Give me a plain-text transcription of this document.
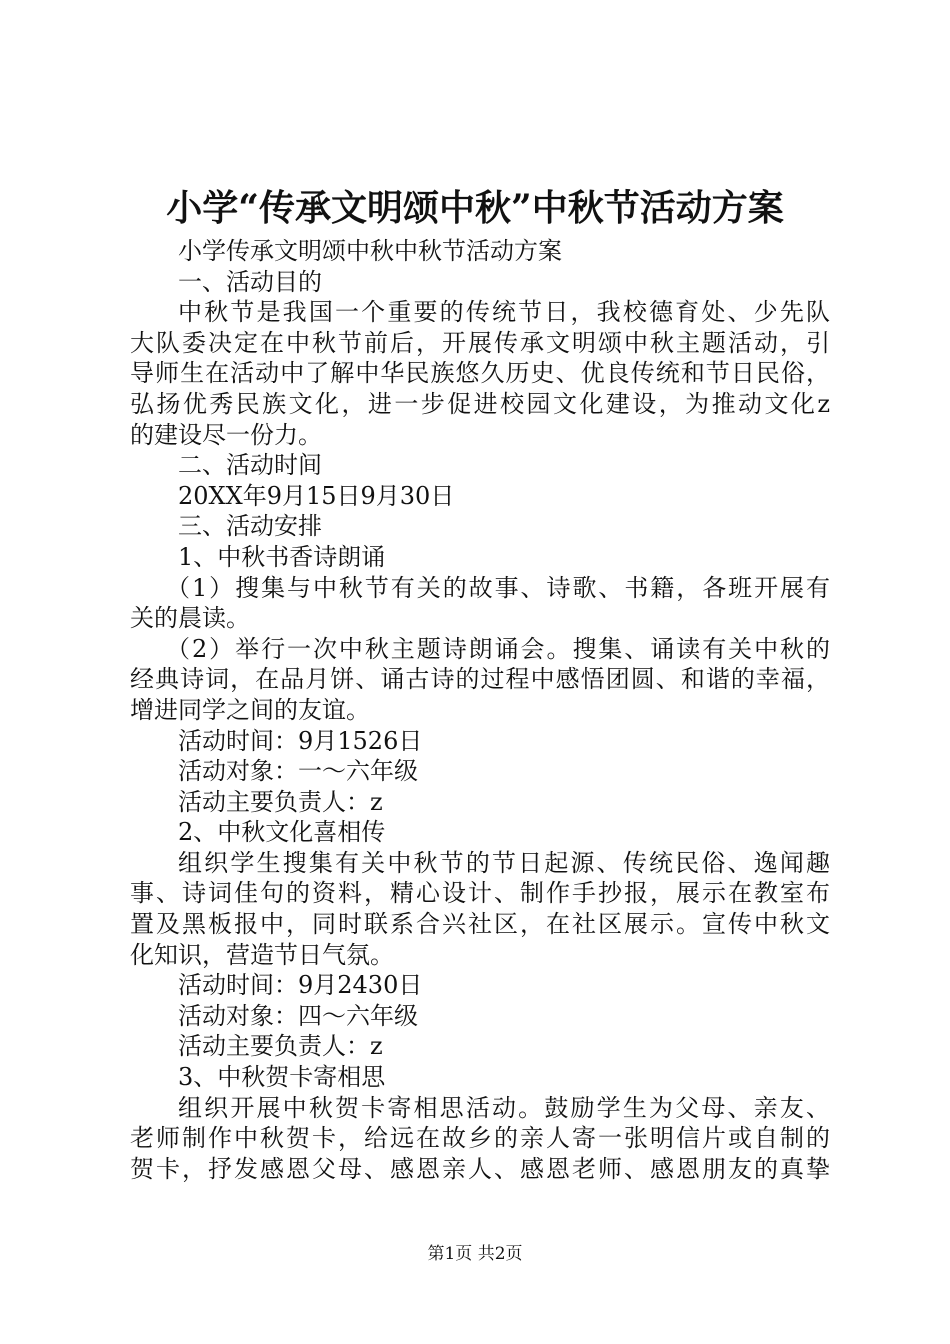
小学“传承文明颂中秋”中秋节活动方案
小学传承文明颂中秋中秋节活动方案
一、活动目的
中秋节是我国一个重要的传统节日，我校德育处、少先队
大队委决定在中秋节前后，开展传承文明颂中秋主题活动，引
导师生在活动中了解中华民族悠久历史、优良传统和节日民俗，
弘扬优秀民族文化，进一步促进校园文化建设，为推动文化z
的建设尽一份力。
二、活动时间
20XX年9月15日9月30日
三、活动安排
1、中秋书香诗朗诵
（1）搜集与中秋节有关的故事、诗歌、书籍，各班开展有
关的晨读。
（2）举行一次中秋主题诗朗诵会。搜集、诵读有关中秋的
经典诗词，在品月饼、诵古诗的过程中感悟团圆、和谐的幸福，
增进同学之间的友谊。
活动时间：9月1526日
活动对象：一～六年级
活动主要负责人：z
2、中秋文化喜相传
组织学生搜集有关中秋节的节日起源、传统民俗、逸闻趣
事、诗词佳句的资料，精心设计、制作手抄报，展示在教室布
置及黑板报中，同时联系合兴社区，在社区展示。宣传中秋文
化知识，营造节日气氛。
活动时间：9月2430日
活动对象：四～六年级
活动主要负责人：z
3、中秋贺卡寄相思
组织开展中秋贺卡寄相思活动。鼓励学生为父母、亲友、
老师制作中秋贺卡，给远在故乡的亲人寄一张明信片或自制的
贺卡，抒发感恩父母、感恩亲人、感恩老师、感恩朋友的真挚
第1页 共2页
